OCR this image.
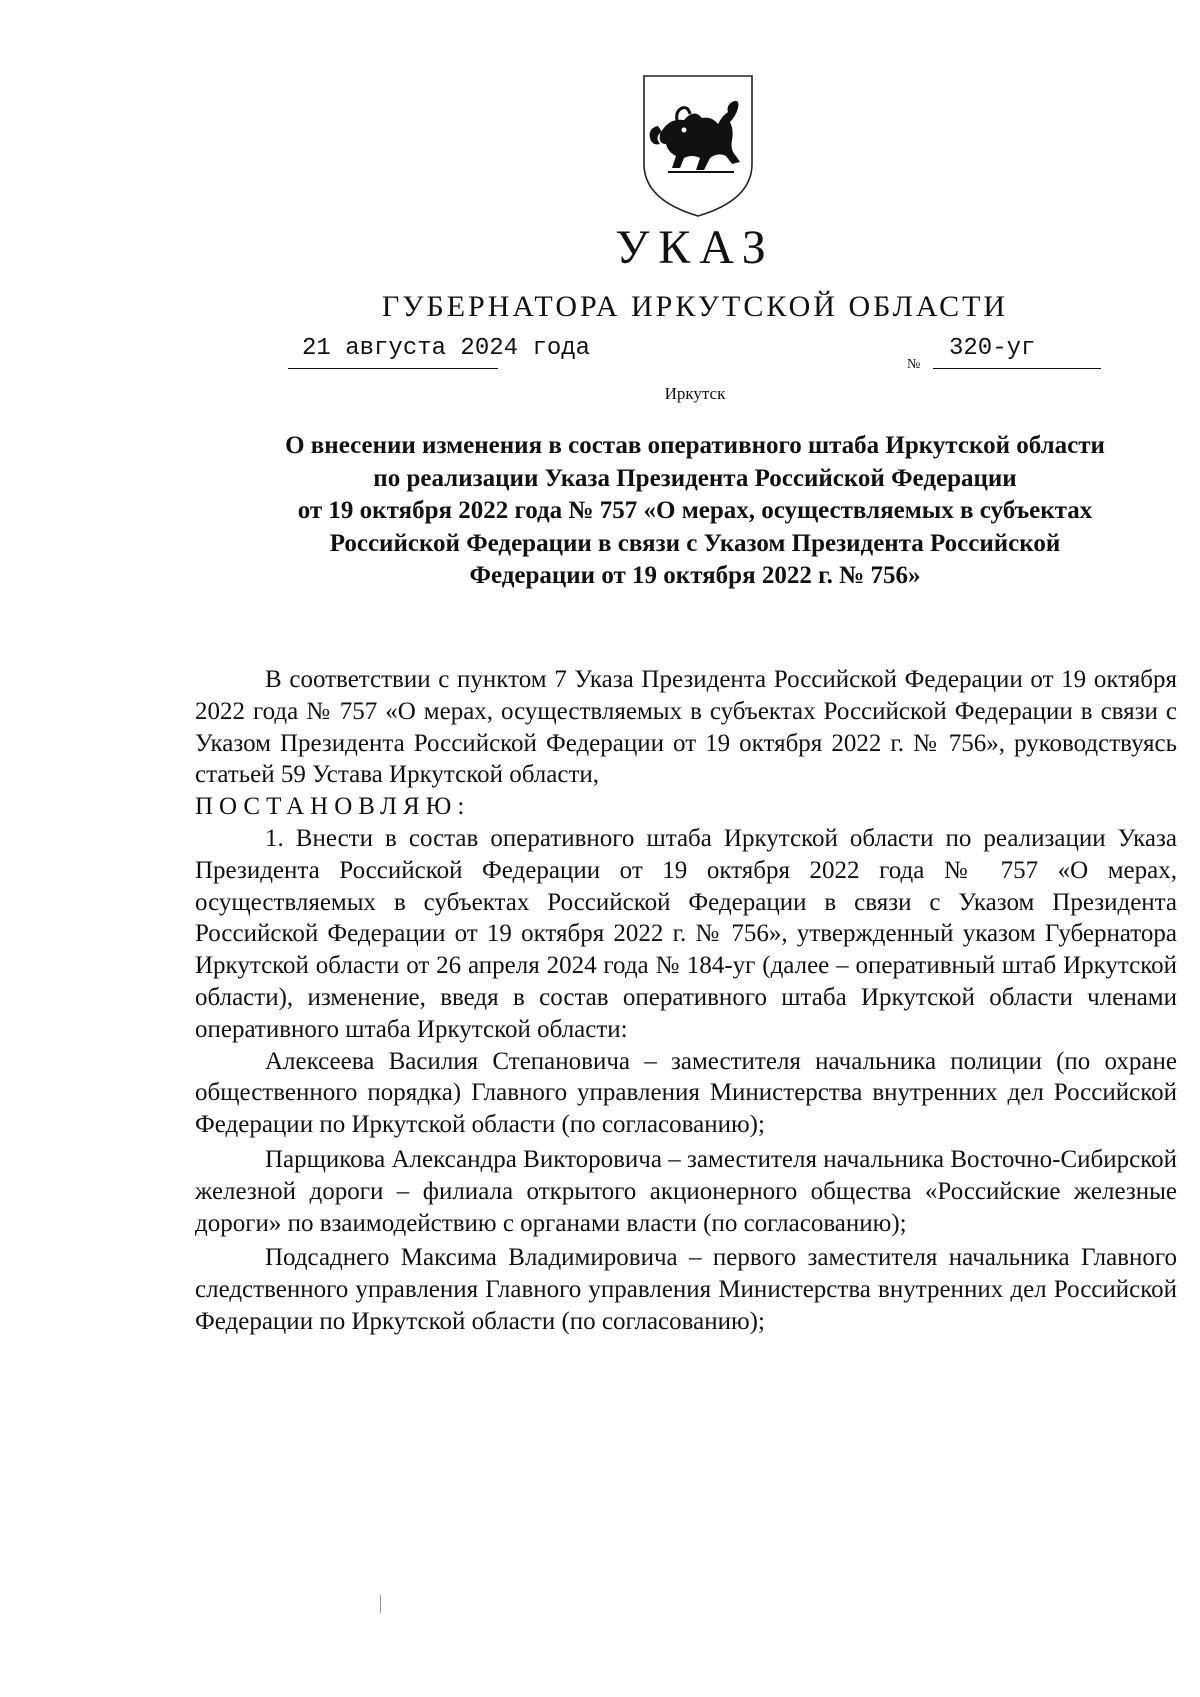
УКАЗ
ГУБЕРНАТОРА ИРКУТСКОЙ ОБЛАСТИ
21 августа 2024 года
№
320-уг
Иркутск
О внесении изменения в состав оперативного штаба Иркутской области
по реализации Указа Президента Российской Федерации
от 19 октября 2022 года № 757 «О мерах, осуществляемых в субъектах
Российской Федерации в связи с Указом Президента Российской
Федерации от 19 октября 2022 г. № 756»

В соответствии с пунктом 7 Указа Президента Российской Федерации от 19 октября 2022 года № 757 «О мерах, осуществляемых в субъектах Российской Федерации в связи с Указом Президента Российской Федерации от 19 октября 2022 г. № 756», руководствуясь статьей 59 Устава Иркутской области,

ПОСТАНОВЛЯЮ:

1. Внести в состав оперативного штаба Иркутской области по реализации Указа Президента Российской Федерации от 19 октября 2022 года № 757 «О мерах, осуществляемых в субъектах Российской Федерации в связи с Указом Президента Российской Федерации от 19 октября 2022 г. № 756», утвержденный указом Губернатора Иркутской области от 26 апреля 2024 года № 184-уг (далее – оперативный штаб Иркутской области), изменение, введя в состав оперативного штаба Иркутской области членами оперативного штаба Иркутской области:

Алексеева Василия Степановича – заместителя начальника полиции (по охране общественного порядка) Главного управления Министерства внутренних дел Российской Федерации по Иркутской области (по согласованию);

Парщикова Александра Викторовича – заместителя начальника Восточно-Сибирской железной дороги – филиала открытого акционерного общества «Российские железные дороги» по взаимодействию с органами власти (по согласованию);

Подсаднего Максима Владимировича – первого заместителя начальника Главного следственного управления Главного управления Министерства внутренних дел Российской Федерации по Иркутской области (по согласованию);
